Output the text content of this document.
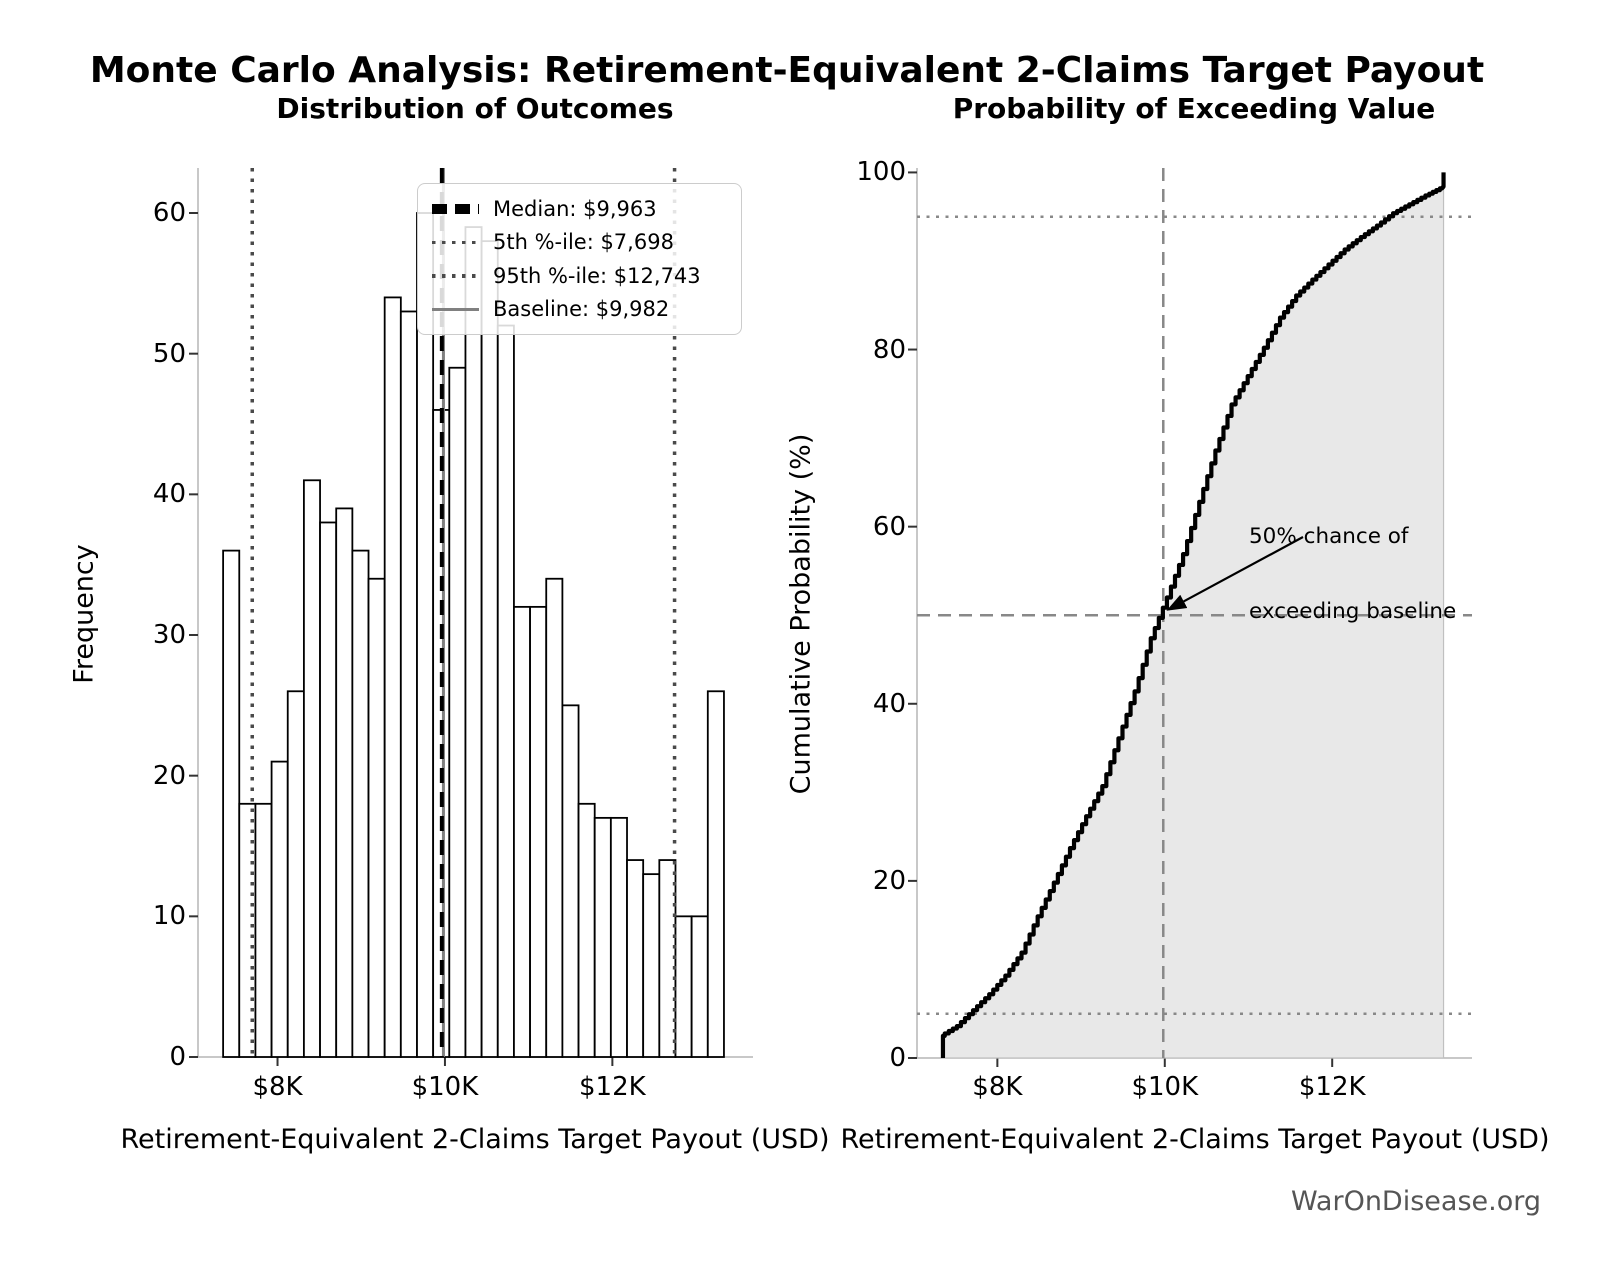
Monte Carlo Analysis: Retirement-Equivalent 2-Claims Target Payout
Distribution of Outcomes	Probability of Exceeding Value
Frequency	Cumulative Probability (%)
Retirement-Equivalent 2-Claims Target Payout (USD) Retirement-Equivalent 2-Claims Target Payout (USD)
Median: $9,963
5th %-ile: $7,698
95th %-ile: $12,743
Baseline: $9,982

50% chance of

exceeding baseline

WarOnDisease.org
0
10
20
30
40
50
60
$8K	$10K	$12K
0
20
40
60
80
100
$8K	$10K	$12K
